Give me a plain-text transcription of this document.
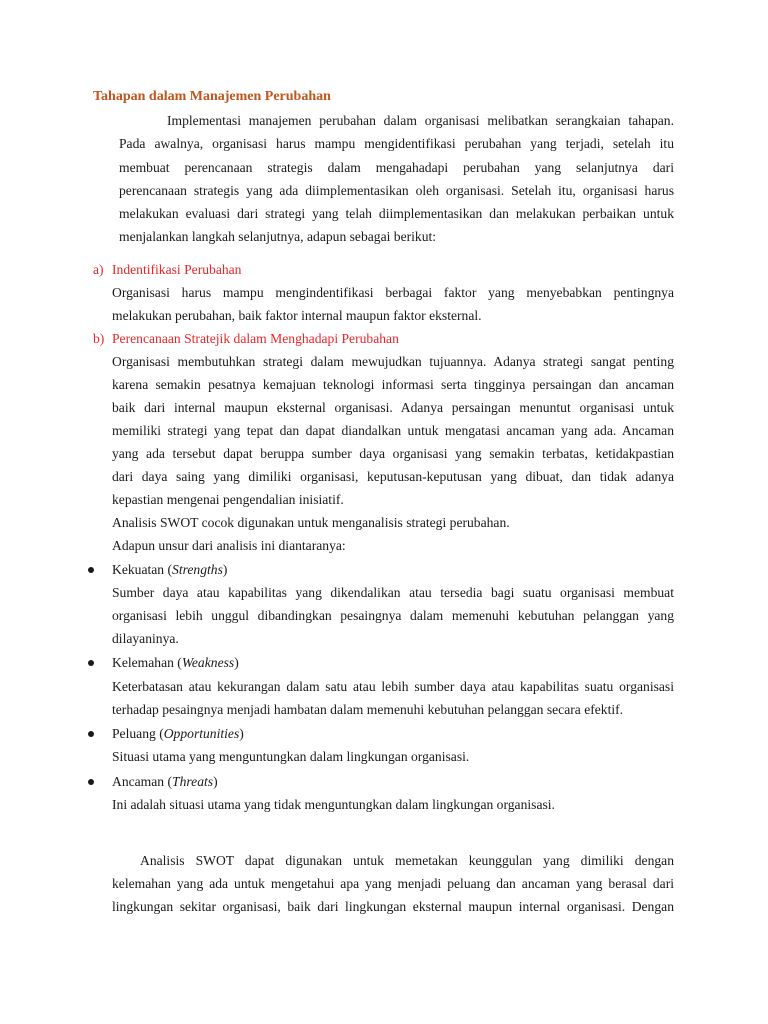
Tahapan dalam Manajemen Perubahan
Implementasi manajemen perubahan dalam organisasi melibatkan serangkaian tahapan.
Pada awalnya, organisasi harus mampu mengidentifikasi perubahan yang terjadi, setelah itu
membuat perencanaan strategis dalam mengahadapi perubahan yang selanjutnya dari
perencanaan strategis yang ada diimplementasikan oleh organisasi. Setelah itu, organisasi harus
melakukan evaluasi dari strategi yang telah diimplementasikan dan melakukan perbaikan untuk
menjalankan langkah selanjutnya, adapun sebagai berikut:
a) Indentifikasi Perubahan
Organisasi harus mampu mengindentifikasi berbagai faktor yang menyebabkan pentingnya
melakukan perubahan, baik faktor internal maupun faktor eksternal.
b) Perencanaan Stratejik dalam Menghadapi Perubahan
Organisasi membutuhkan strategi dalam mewujudkan tujuannya. Adanya strategi sangat penting
karena semakin pesatnya kemajuan teknologi informasi serta tingginya persaingan dan ancaman
baik dari internal maupun eksternal organisasi. Adanya persaingan menuntut organisasi untuk
memiliki strategi yang tepat dan dapat diandalkan untuk mengatasi ancaman yang ada. Ancaman
yang ada tersebut dapat beruppa sumber daya organisasi yang semakin terbatas, ketidakpastian
dari daya saing yang dimiliki organisasi, keputusan-keputusan yang dibuat, dan tidak adanya
kepastian mengenai pengendalian inisiatif.
Analisis SWOT cocok digunakan untuk menganalisis strategi perubahan.
Adapun unsur dari analisis ini diantaranya:
Kekuatan (Strengths)
Sumber daya atau kapabilitas yang dikendalikan atau tersedia bagi suatu organisasi membuat
organisasi lebih unggul dibandingkan pesaingnya dalam memenuhi kebutuhan pelanggan yang
dilayaninya.
Kelemahan (Weakness)
Keterbatasan atau kekurangan dalam satu atau lebih sumber daya atau kapabilitas suatu organisasi
terhadap pesaingnya menjadi hambatan dalam memenuhi kebutuhan pelanggan secara efektif.
Peluang (Opportunities)
Situasi utama yang menguntungkan dalam lingkungan organisasi.
Ancaman (Threats)
Ini adalah situasi utama yang tidak menguntungkan dalam lingkungan organisasi.
Analisis SWOT dapat digunakan untuk memetakan keunggulan yang dimiliki dengan
kelemahan yang ada untuk mengetahui apa yang menjadi peluang dan ancaman yang berasal dari
lingkungan sekitar organisasi, baik dari lingkungan eksternal maupun internal organisasi. Dengan
